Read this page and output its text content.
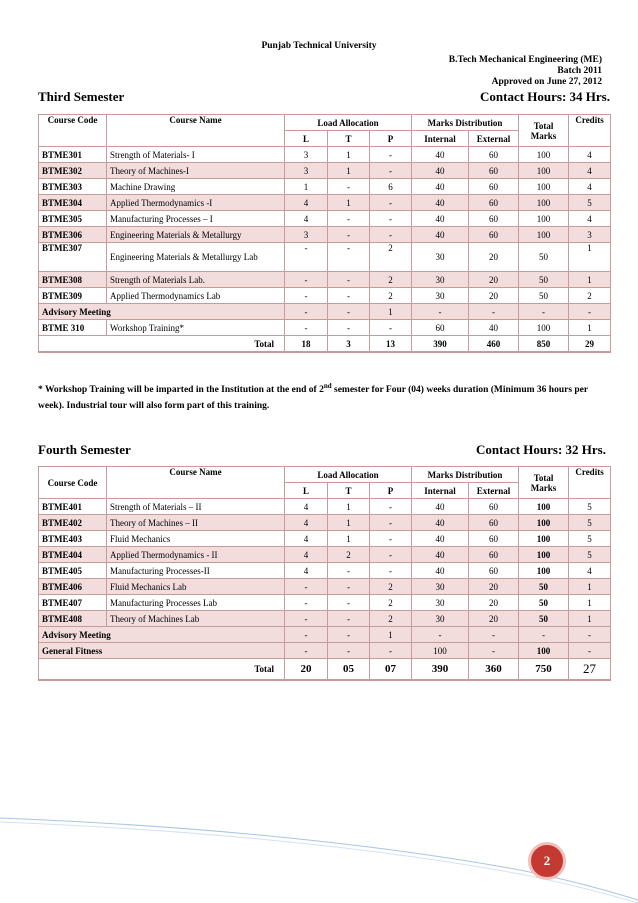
Punjab Technical University
B.Tech Mechanical Engineering (ME)
Batch 2011
Approved on June 27, 2012
Third Semester	Contact Hours: 34 Hrs.
Course Code	Course Name	Load Allocation			Marks Distribution		Total Marks	Credits
		L	T	P	Internal	External		
BTME301	Strength of Materials- I	3	1	-	40	60	100	4
BTME302	Theory of Machines-I	3	1	-	40	60	100	4
BTME303	Machine Drawing	1	-	6	40	60	100	4
BTME304	Applied Thermodynamics -I	4	1	-	40	60	100	5
BTME305	Manufacturing Processes – I	4	-	-	40	60	100	4
BTME306	Engineering Materials & Metallurgy	3	-	-	40	60	100	3
BTME307	Engineering Materials & Metallurgy Lab	-	-	2	30	20	50	1
BTME308	Strength of Materials Lab.	-	-	2	30	20	50	1
BTME309	Applied Thermodynamics Lab	-	-	2	30	20	50	2
Advisory Meeting		-	-	1	-	-	-	-
BTME 310	Workshop Training*	-	-	-	60	40	100	1
Total		18	3	13	390	460	850	29
* Workshop Training will be imparted in the Institution at the end of 2nd semester for Four (04) weeks duration (Minimum 36 hours per week). Industrial tour will also form part of this training.
Fourth Semester	Contact Hours: 32 Hrs.
Course Code	Course Name	Load Allocation			Marks Distribution		Total Marks	Credits
		L	T	P	Internal	External		
BTME401	Strength of Materials – II	4	1	-	40	60	100	5
BTME402	Theory of Machines – II	4	1	-	40	60	100	5
BTME403	Fluid Mechanics	4	1	-	40	60	100	5
BTME404	Applied Thermodynamics - II	4	2	-	40	60	100	5
BTME405	Manufacturing Processes-II	4	-	-	40	60	100	4
BTME406	Fluid Mechanics Lab	-	-	2	30	20	50	1
BTME407	Manufacturing Processes Lab	-	-	2	30	20	50	1
BTME408	Theory of Machines Lab	-	-	2	30	20	50	1
Advisory Meeting		-	-	1	-	-	-	-
General Fitness		-	-	-	100	-	100	-
Total		20	05	07	390	360	750	27
2
